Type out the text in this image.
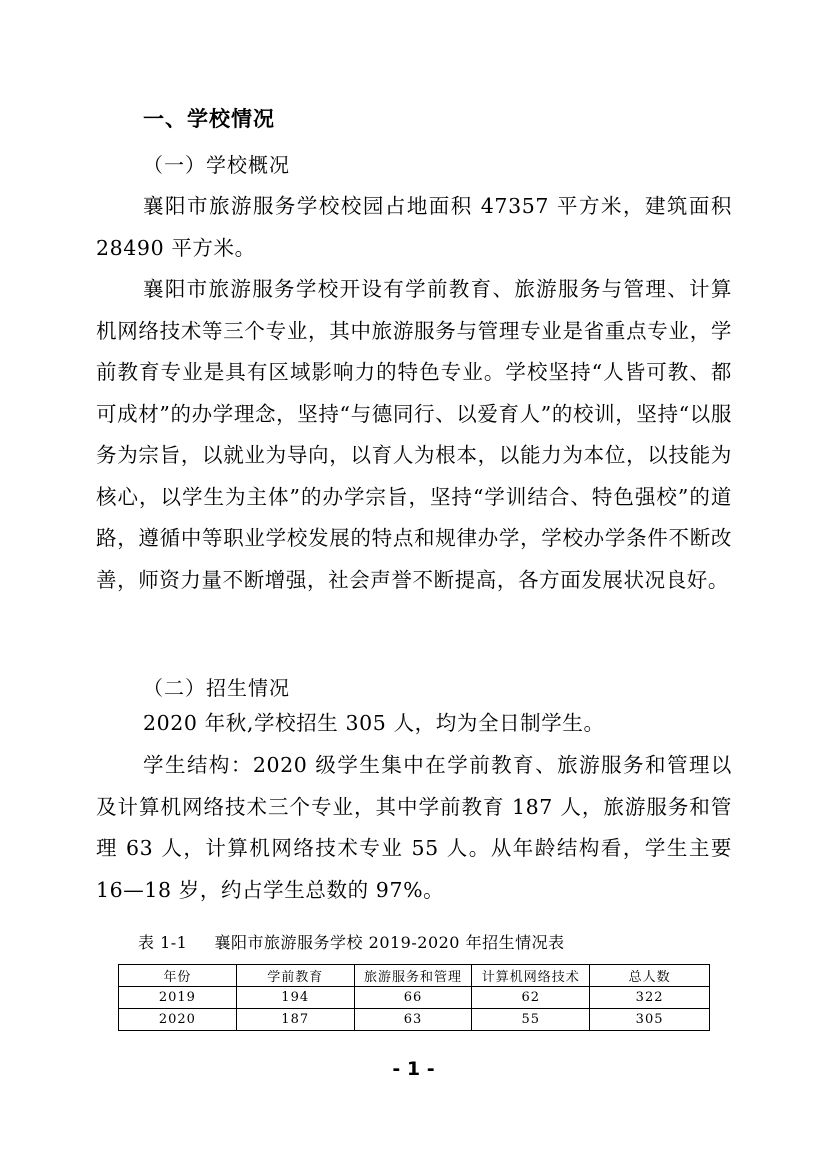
一、学校情况
（一）学校概况

襄阳市旅游服务学校校园占地面积 47357 平方米，建筑面积 28490 平方米。

襄阳市旅游服务学校开设有学前教育、旅游服务与管理、计算机网络技术等三个专业，其中旅游服务与管理专业是省重点专业，学前教育专业是具有区域影响力的特色专业。学校坚持“人皆可教、都可成材”的办学理念，坚持“与德同行、以爱育人”的校训，坚持“以服务为宗旨，以就业为导向，以育人为根本，以能力为本位，以技能为核心，以学生为主体”的办学宗旨，坚持“学训结合、特色强校”的道路，遵循中等职业学校发展的特点和规律办学，学校办学条件不断改善，师资力量不断增强，社会声誉不断提高，各方面发展状况良好。

（二）招生情况

2020 年秋,学校招生 305 人，均为全日制学生。

学生结构：2020 级学生集中在学前教育、旅游服务和管理以及计算机网络技术三个专业，其中学前教育 187 人，旅游服务和管理 63 人，计算机网络技术专业 55 人。从年龄结构看，学生主要 16—18 岁，约占学生总数的 97%。

表 1-1 襄阳市旅游服务学校 2019-2020 年招生情况表
年份	学前教育	旅游服务和管理	计算机网络技术	总人数
2019	194	66	62	322
2020	187	63	55	305
- 1 -
